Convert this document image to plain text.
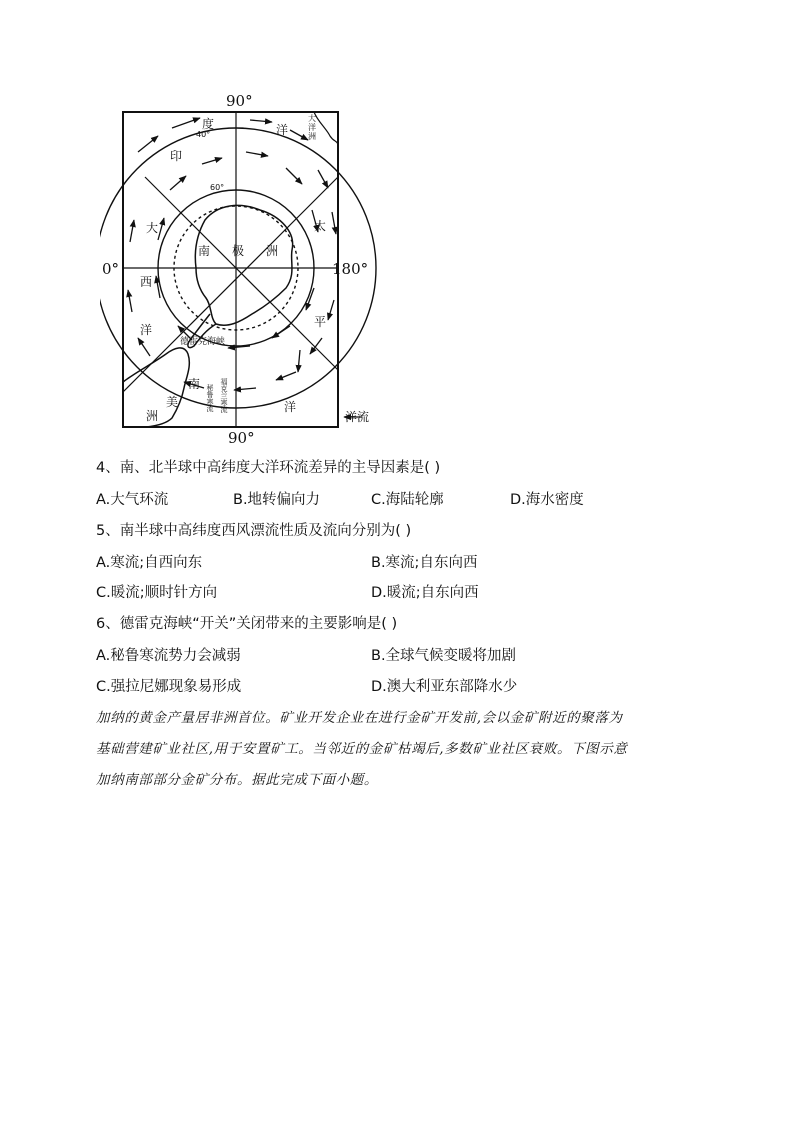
90°
90°
0°	180°
40°
60°
印
度	洋
大
西
洋
太
平
洋
南 极 洲
南
美
洲
大
洋
洲
德雷克海峡
秘鲁寒流 福克兰寒流
洋流
4、南、北半球中高纬度大洋环流差异的主导因素是( )
A.大气环流	B.地转偏向力	C.海陆轮廓	D.海水密度
5、南半球中高纬度西风漂流性质及流向分别为( )
A.寒流;自西向东	B.寒流;自东向西
C.暖流;顺时针方向	D.暖流;自东向西
6、德雷克海峡“开关”关闭带来的主要影响是( )
A.秘鲁寒流势力会减弱	B.全球气候变暖将加剧
C.强拉尼娜现象易形成	D.澳大利亚东部降水少
加纳的黄金产量居非洲首位。矿业开发企业在进行金矿开发前,会以金矿附近的聚落为
基础营建矿业社区,用于安置矿工。当邻近的金矿枯竭后,多数矿业社区衰败。下图示意
加纳南部部分金矿分布。据此完成下面小题。
